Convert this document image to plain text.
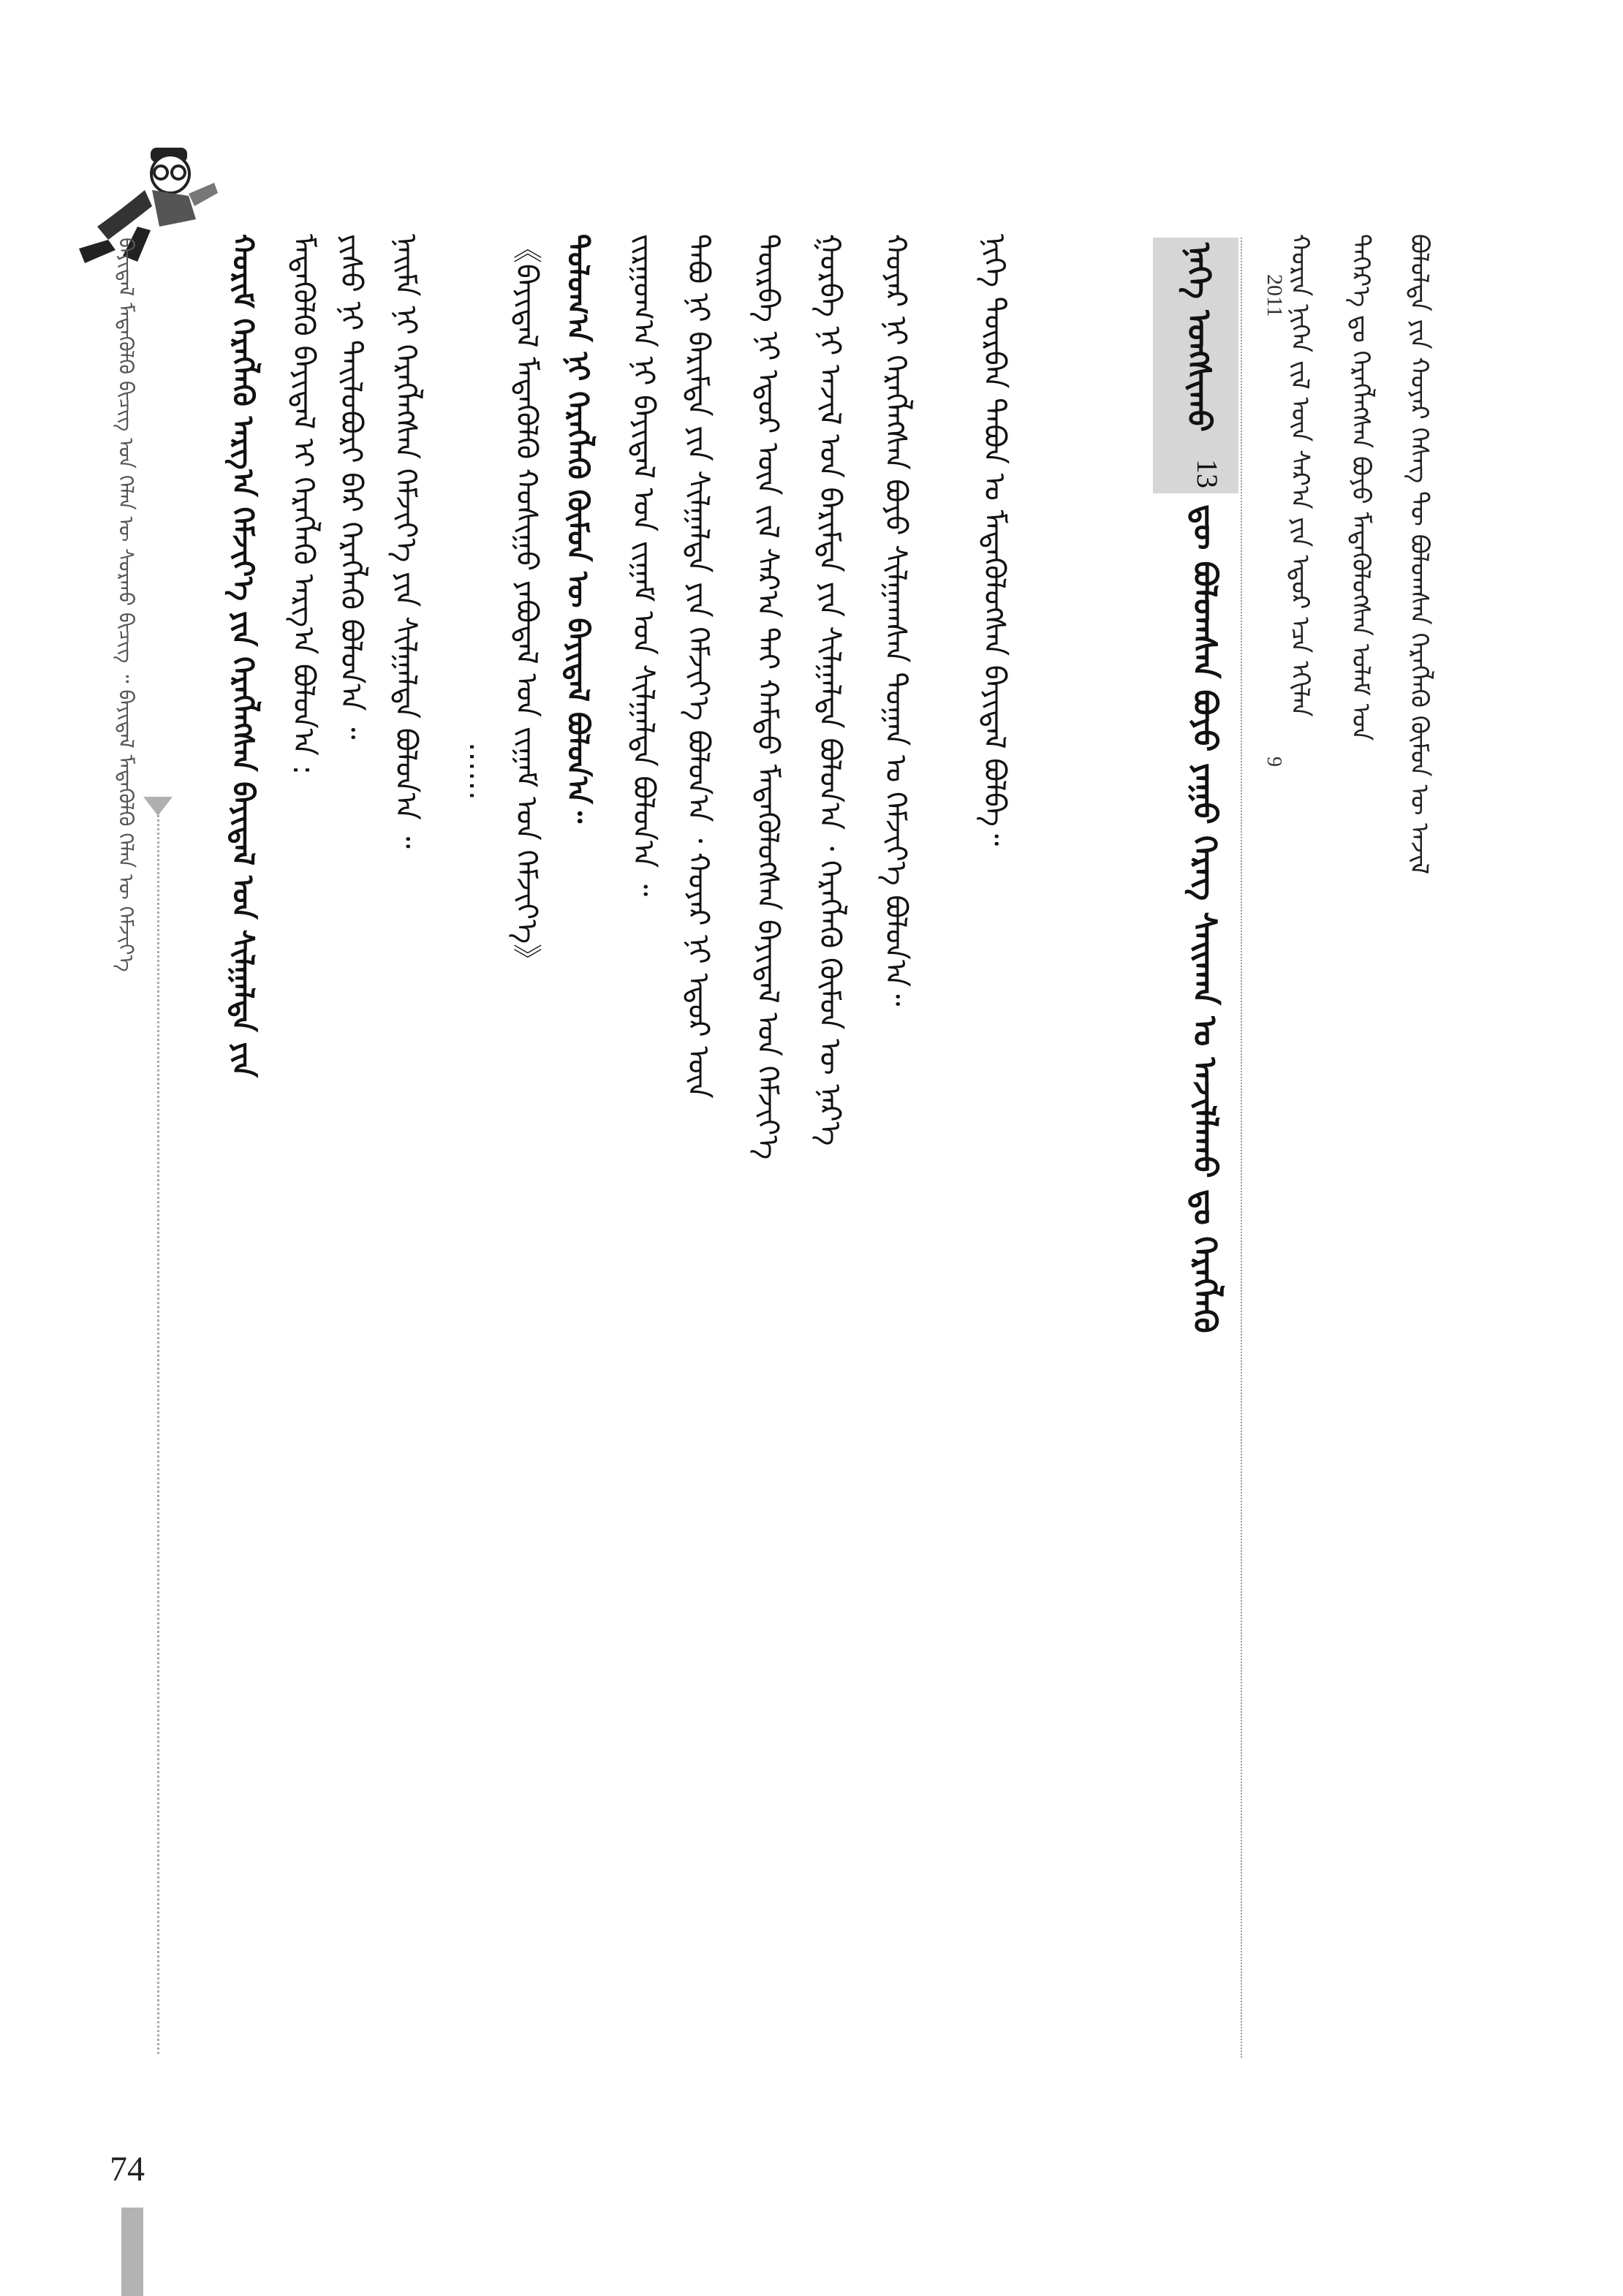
ᠪᠠᠶᠢᠳᠠᠯ ᠮᠡᠳᠡᠭᠦᠯᠬᠦ ᠪᠢᠴᠢᠭ ᠤᠨ ᠬᠡᠯᠡᠨ ᠦ ᠰᠤᠷᠬᠤ ᠪᠢᠴᠢᠭ ᠃ ᠪᠠᠶᠢᠳᠠᠯ ᠮᠡᠳᠡᠭᠦᠯᠬᠦ ᠬᠡᠯᠡᠨ ᠦ ᠬᠡᠮᠵᠢᠶ᠎ᠡ	ᠬᠣᠷᠢᠮ ᠬᠡᠷᠡᠭᠯᠡᠬᠦ ᠠᠷᠭ᠎ᠠ ᠬᠡᠮᠵᠢᠶ᠎ᠡ ᠶᠢᠨ ᠬᠡᠷᠡᠭᠯᠡᠭᠰᠡᠨ ᠪᠠᠶᠢᠳᠠᠯ ᠤᠨ ᠰᠢᠯᠭᠠᠯᠲᠠ ᠶᠢᠨ ᠮᠡᠳᠡᠭᠦᠯᠬᠦ ᠪᠠᠶᠢᠳᠠᠯ ᠢ ᠬᠡᠷᠡᠭᠯᠡᠬᠦ ᠠᠷᠭ᠎ᠠ ᠪᠤᠯᠤᠨ᠎ᠠ : ᠶᠢᠰᠦ ᠨᠢ ᠲᠠᠢᠯᠤᠪᠤᠷᠢ ᠪᠠᠷ ᠬᠡᠷᠡᠭᠯᠡᠬᠦ ᠪᠤᠯᠤᠨ᠎ᠠ ᠃ ᠨᠠᠢᠮᠠ ᠨᠢ ᠬᠡᠷᠡᠭᠯᠡᠭᠰᠡᠨ ᠬᠡᠮᠵᠢᠶ᠎ᠡ ᠶᠢᠨ ᠰᠢᠯᠭᠠᠯᠲᠠ ᠪᠤᠯᠤᠨ᠎ᠠ ᠃ …… 《ᠪᠠᠶᠢᠳᠠᠯ ᠮᠡᠳᠡᠭᠦᠯᠬᠦ ᠬᠣᠰᠢᠭᠤ ᠶᠠᠪᠤᠳᠠᠯ ᠤᠨ ᠵᠢᠭᠠᠮ ᠤᠨ ᠬᠡᠮᠵᠢᠶ᠎ᠡ》 ᠳᠣᠯᠣᠭ᠎ᠠ ᠨᠢ ᠬᠡᠷᠡᠭᠯᠡᠬᠦ ᠬᠦᠮᠦᠨ ᠦ ᠪᠠᠶᠢᠳᠠᠯ ᠪᠤᠯᠤᠨ᠎ᠠ᠃ ᠵᠢᠷᠭᠤᠭ᠎ᠠ ᠨᠢ ᠪᠠᠶᠢᠳᠠᠯ ᠤᠨ ᠵᠢᠭᠠᠮ ᠤᠨ ᠰᠢᠯᠭᠠᠯᠲᠠ ᠪᠤᠯᠤᠨ᠎ᠠ ᠃ ᠲᠠᠪᠤ ᠨᠢ ᠪᠠᠷᠢᠮᠲᠠ ᠶᠢᠨ ᠰᠢᠯᠭᠠᠯᠲᠠ ᠶᠢᠨ ᠬᠡᠮᠵᠢᠶ᠎ᠡ ᠪᠤᠯᠤᠨ᠎ᠠ ᠂ ᠬᠣᠶᠠᠷ ᠨᠢ ᠡᠳᠦᠷ ᠦᠨ ᠳᠦᠷᠪᠡ ᠨᠢ ᠡᠳᠦᠷ ᠦᠨ ᠵᠢᠯ ᠰᠠᠷ᠎ᠠ ᠲᠠᠢ ᠬᠠᠮᠲᠤ ᠮᠡᠳᠡᠭᠦᠯᠦᠭᠰᠡᠨ ᠪᠠᠶᠢᠳᠠᠯ ᠤᠨ ᠬᠡᠮᠵᠢᠶ᠎ᠡ ᠭᠤᠷᠪᠠ ᠨᠢ ᠠᠵᠢᠯ ᠤᠨ ᠪᠠᠷᠢᠮᠲᠠ ᠶᠢᠨ ᠰᠢᠯᠭᠠᠯᠲᠠ ᠪᠤᠯᠤᠨ᠎ᠠ ᠂ ᠬᠡᠷᠡᠭᠯᠡᠬᠦ ᠬᠦᠮᠦᠨ ᠦ ᠨᠡᠷ᠎ᠡ ᠬᠣᠶᠠᠷ ᠨᠢ ᠬᠡᠷᠡᠭᠯᠡᠭᠰᠡᠨ ᠪᠤᠶᠤ ᠰᠢᠯᠭᠠᠭᠰᠠᠨ ᠲᠤᠭᠠᠨ ᠤ ᠬᠡᠮᠵᠢᠶ᠎ᠡ ᠪᠤᠯᠤᠨ᠎ᠠ᠃ ᠨᠢᠭᠡ ᠳᠦᠷᠪᠡᠨ ᠲᠠᠪᠤᠨ ᠤ ᠮᠡᠳᠡᠭᠦᠯᠦᠭᠰᠡᠨ ᠪᠠᠶᠢᠳᠠᠯ ᠪᠤᠯᠪᠠ᠃	ᠨᠡᠭᠡ ᠤᠩᠰᠢᠬᠤ
13
ᠳᠦ ᠪᠤᠯᠤᠭᠰᠠᠨ ᠪᠤᠶᠤ ᠶᠠᠭᠤ ᠬᠡᠷᠡᠭ ᠰᠠᠢᠬᠠᠨ ᠤ ᠠᠵᠢᠯᠯᠠᠬᠤ ᠳᠤ ᠬᠡᠷᠡᠭᠯᠡᠬᠦ
2011
9
ᠬᠣᠷᠢᠨ ᠨᠢᠭᠡᠨ ᠵᠢᠯ ᠦᠨ ᠰᠠᠷ᠎ᠠ ᠶᠢᠨ ᠡᠳᠦᠷ ᠡᠴᠡ ᠡᠬᠢᠯᠡᠨ	ᠳᠡᠭᠡᠷ᠎ᠡ ᠳᠤ ᠬᠡᠷᠡᠭᠯᠡᠭᠰᠡᠨ ᠪᠤᠶᠤ ᠮᠡᠳᠡᠭᠦᠯᠦᠭᠰᠡᠨ ᠤᠯᠠᠮ ᠤᠨ	ᠪᠤᠯᠤᠯᠲᠠ ᠶᠢᠨ ᠬᠣᠶᠠᠷ ᠬᠡᠰᠡᠭ ᠲᠦ ᠪᠤᠯᠤᠭᠰᠠᠨ ᠬᠡᠷᠡᠭᠯᠡᠬᠦ ᠬᠦᠮᠦᠨ ᠦ ᠠᠵᠢᠯ
74
